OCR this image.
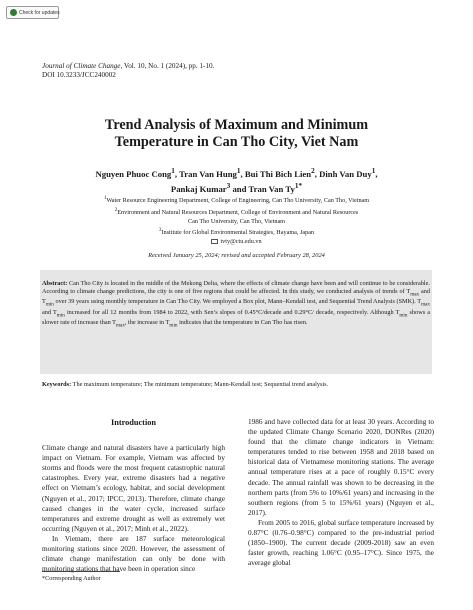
Check for updates
Journal of Climate Change, Vol. 10, No. 1 (2024), pp. 1-10.
DOI 10.3233/JCC240002
Trend Analysis of Maximum and Minimum
Temperature in Can Tho City, Viet Nam
Nguyen Phuoc Cong$^1$, Tran Van Hung$^1$, Bui Thi Bich Lien$^2$, Dinh Van Duy$^1$,
Pankaj Kumar$^3$ and Tran Van $Ty^{1*}$
$^1$Water Resource Engineering Department, College of Engineering, Can Tho University, Can Tho, Vietnam
$^2$Environment and Natural Resources Department, College of Environment and Natural Resources
Can Tho University, Can Tho, Vietnam
$^3$Institute for Global Environmental Strategies, Hayama, Japan
tvty@ctu.edu.vn
Received January 25, 2024; revised and accepted February 28, 2024
Abstract: Can Tho City is located in the middle of the Mekong Delta, where the effects of climate change have been and will continue to be considerable. According to climate change predictions, the city is one of five regions that could be affected. In this study, we conducted analysis of trends of $T_{max}$ and $T_{min}$ over 39 years using monthly temperature in Can Tho City. We employed a Box plot, Mann–Kendall test, and Sequential Trend Analysis (SMK). $T_{max}$ and $T_{min}$ increased for all 12 months from 1984 to 2022, with Sen’s slopes of 0.45°C/decade and 0.29°C/ decade, respectively. Although $T_{min}$ shows a slower rate of increase than $T_{max}$, the increase in $T_{min}$ indicates that the temperature in Can Tho has risen.
Keywords: The maximum temperature; The minimum temperature; Mann-Kendall test; Sequential trend analysis.
Introduction

Climate change and natural disasters have a particularly high impact on Vietnam. For example, Vietnam was affected by storms and floods were the most frequent catastrophic natural catastrophes. Every year, extreme disasters had a negative effect on Vietnam’s ecology, habitat, and social development (Nguyen et al., 2017; IPCC, 2013). Therefore, climate change caused changes in the water cycle, increased surface temperatures and extreme drought as well as extremely wet occurring (Nguyen et al., 2017; Minh et al., 2022).

In Vietnam, there are 187 surface meteorological monitoring stations since 2020. However, the assessment of climate change manifestation can only be done with monitoring stations that have been in operation since

1986 and have collected data for at least 30 years. According to the updated Climate Change Scenario 2020, DONRes (2020) found that the climate change indicators in Vietnam: temperatures tended to rise between 1958 and 2018 based on historical data of Vietnamese monitoring stations. The average annual temperature rises at a pace of roughly 0.15°C every decade. The annual rainfall was shown to be decreasing in the northern parts (from 5% to 10%/61 years) and increasing in the southern regions (from 5 to 15%/61 years) (Nguyen et al., 2017).

From 2005 to 2016, global surface temperature increased by 0.87°C (0.76–0.98°C) compared to the pre-industrial period (1850–1900). The current decade (2009-2018) saw an even faster growth, reaching 1.06°C (0.95–17°C). Since 1975, the average global

*Corresponding Author
